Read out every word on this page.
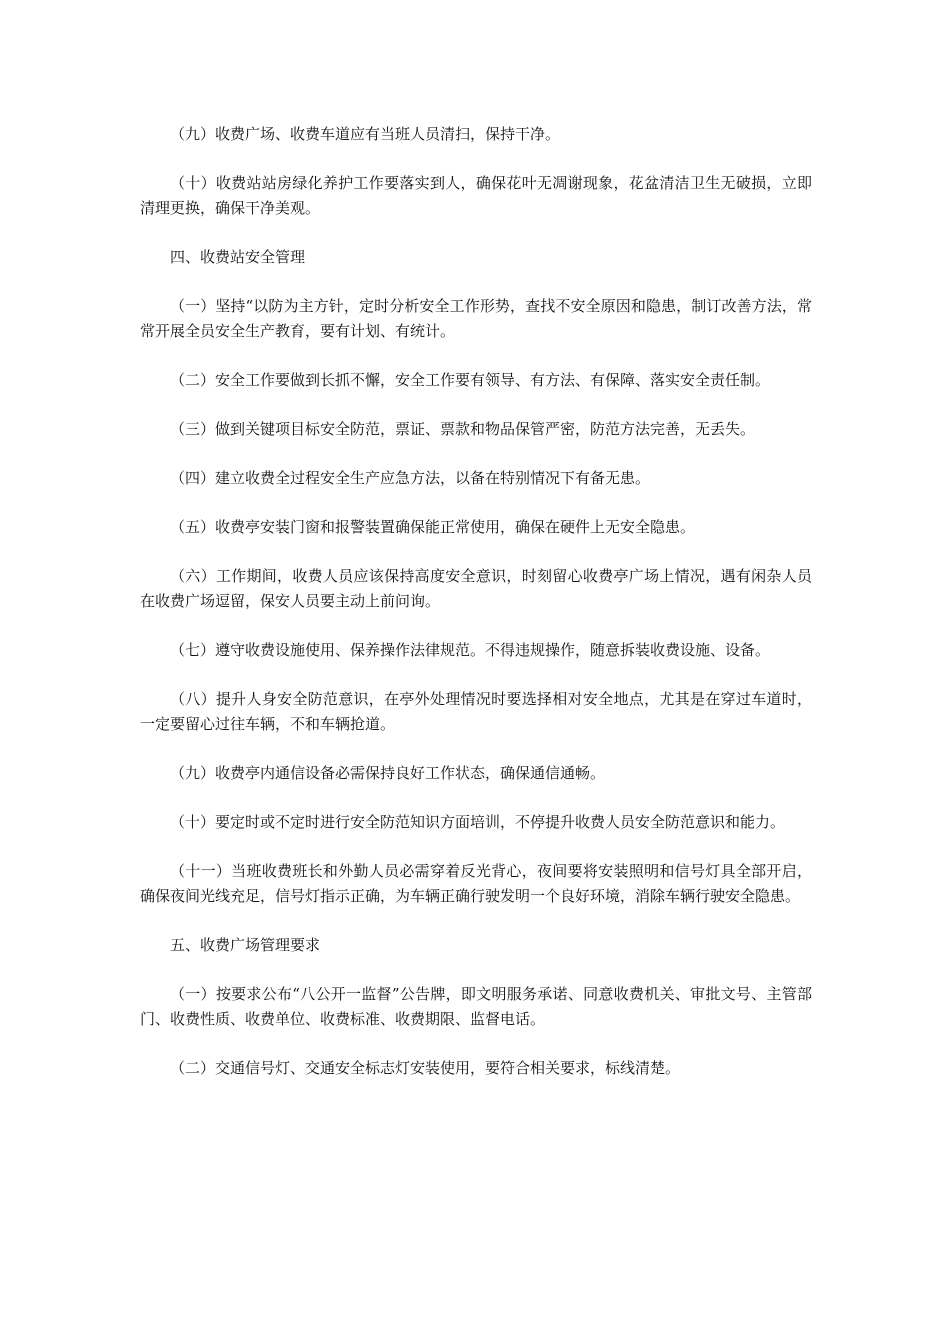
（九）收费广场、收费车道应有当班人员清扫，保持干净。

（十）收费站站房绿化养护工作要落实到人，确保花叶无凋谢现象，花盆清洁卫生无破损，立即清理更换，确保干净美观。

四、收费站安全管理

（一）坚持“以防为主方针，定时分析安全工作形势，查找不安全原因和隐患，制订改善方法，常常开展全员安全生产教育，要有计划、有统计。

（二）安全工作要做到长抓不懈，安全工作要有领导、有方法、有保障、落实安全责任制。

（三）做到关键项目标安全防范，票证、票款和物品保管严密，防范方法完善，无丢失。

（四）建立收费全过程安全生产应急方法，以备在特别情况下有备无患。

（五）收费亭安装门窗和报警装置确保能正常使用，确保在硬件上无安全隐患。

（六）工作期间，收费人员应该保持高度安全意识，时刻留心收费亭广场上情况，遇有闲杂人员在收费广场逗留，保安人员要主动上前问询。

（七）遵守收费设施使用、保养操作法律规范。不得违规操作，随意拆装收费设施、设备。

（八）提升人身安全防范意识，在亭外处理情况时要选择相对安全地点，尤其是在穿过车道时，一定要留心过往车辆，不和车辆抢道。

（九）收费亭内通信设备必需保持良好工作状态，确保通信通畅。

（十）要定时或不定时进行安全防范知识方面培训，不停提升收费人员安全防范意识和能力。

（十一）当班收费班长和外勤人员必需穿着反光背心，夜间要将安装照明和信号灯具全部开启，确保夜间光线充足，信号灯指示正确，为车辆正确行驶发明一个良好环境，消除车辆行驶安全隐患。

五、收费广场管理要求

（一）按要求公布“八公开一监督”公告牌，即文明服务承诺、同意收费机关、审批文号、主管部门、收费性质、收费单位、收费标准、收费期限、监督电话。

（二）交通信号灯、交通安全标志灯安装使用，要符合相关要求，标线清楚。
